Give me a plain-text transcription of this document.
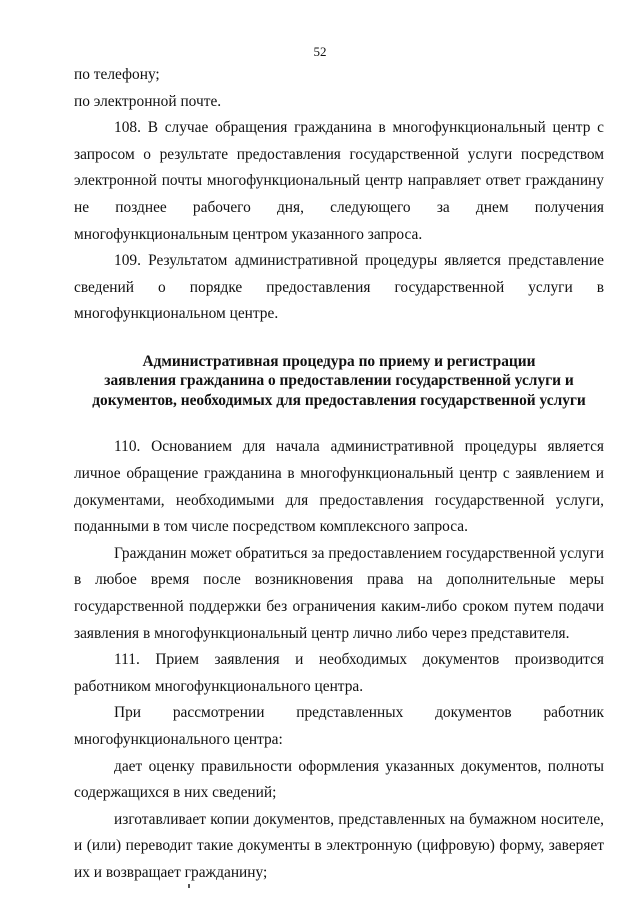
52

по телефону;

по электронной почте.

108. В случае обращения гражданина в многофункциональный центр с запросом о результате предоставления государственной услуги посредством электронной почты многофункциональный центр направляет ответ гражданину не позднее рабочего дня, следующего за днем получения многофункциональным центром указанного запроса.

109. Результатом административной процедуры является представление сведений о порядке предоставления государственной услуги в многофункциональном центре.

Административная процедура по приему и регистрации
заявления гражданина о предоставлении государственной услуги и
документов, необходимых для предоставления государственной услуги

110. Основанием для начала административной процедуры является личное обращение гражданина в многофункциональный центр с заявлением и документами, необходимыми для предоставления государственной услуги, поданными в том числе посредством комплексного запроса.

Гражданин может обратиться за предоставлением государственной услуги в любое время после возникновения права на дополнительные меры государственной поддержки без ограничения каким-либо сроком путем подачи заявления в многофункциональный центр лично либо через представителя.

111. Прием заявления и необходимых документов производится работником многофункционального центра.

При рассмотрении представленных документов работник многофункционального центра:

дает оценку правильности оформления указанных документов, полноты содержащихся в них сведений;

изготавливает копии документов, представленных на бумажном носителе, и (или) переводит такие документы в электронную (цифровую) форму, заверяет их и возвращает гражданину;
